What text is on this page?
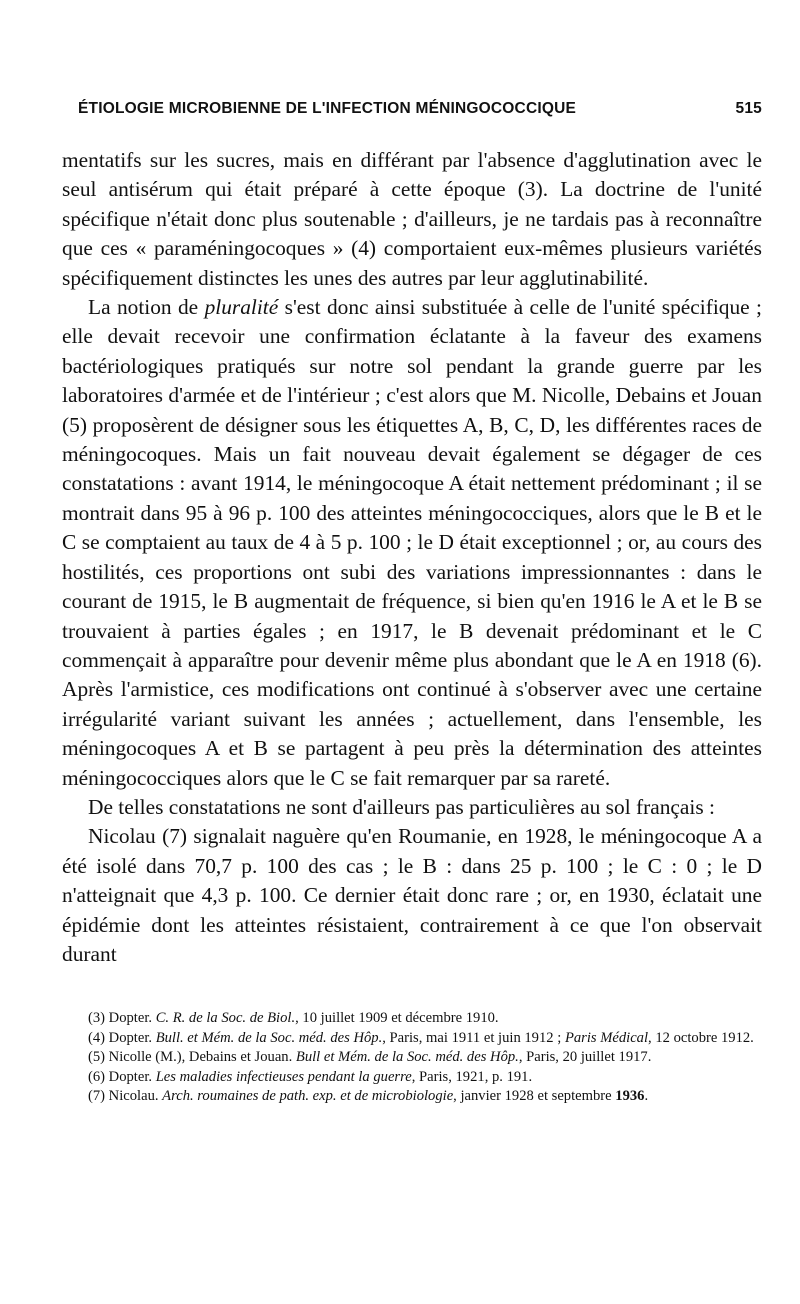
ÉTIOLOGIE MICROBIENNE DE L'INFECTION MÉNINGOCOCCIQUE	515

mentatifs sur les sucres, mais en différant par l'absence d'agglutination avec le seul antisérum qui était préparé à cette époque (3). La doctrine de l'unité spécifique n'était donc plus soutenable ; d'ailleurs, je ne tardais pas à reconnaître que ces « paraméningocoques » (4) comportaient eux-mêmes plusieurs variétés spécifiquement distinctes les unes des autres par leur agglutinabilité.

La notion de pluralité s'est donc ainsi substituée à celle de l'unité spécifique ; elle devait recevoir une confirmation éclatante à la faveur des examens bactériologiques pratiqués sur notre sol pendant la grande guerre par les laboratoires d'armée et de l'intérieur ; c'est alors que M. Nicolle, Debains et Jouan (5) proposèrent de désigner sous les étiquettes A, B, C, D, les différentes races de méningocoques. Mais un fait nouveau devait également se dégager de ces constatations : avant 1914, le méningocoque A était nettement prédominant ; il se montrait dans 95 à 96 p. 100 des atteintes méningococciques, alors que le B et le C se comptaient au taux de 4 à 5 p. 100 ; le D était exceptionnel ; or, au cours des hostilités, ces proportions ont subi des variations impressionnantes : dans le courant de 1915, le B augmentait de fréquence, si bien qu'en 1916 le A et le B se trouvaient à parties égales ; en 1917, le B devenait prédominant et le C commençait à apparaître pour devenir même plus abondant que le A en 1918 (6). Après l'armistice, ces modifications ont continué à s'observer avec une certaine irrégularité variant suivant les années ; actuellement, dans l'ensemble, les méningocoques A et B se partagent à peu près la détermination des atteintes méningococciques alors que le C se fait remarquer par sa rareté.

De telles constatations ne sont d'ailleurs pas particulières au sol français :

Nicolau (7) signalait naguère qu'en Roumanie, en 1928, le méningocoque A a été isolé dans 70,7 p. 100 des cas ; le B : dans 25 p. 100 ; le C : 0 ; le D n'atteignait que 4,3 p. 100. Ce dernier était donc rare ; or, en 1930, éclatait une épidémie dont les atteintes résistaient, contrairement à ce que l'on observait durant

(3) Dopter. C. R. de la Soc. de Biol., 10 juillet 1909 et décembre 1910.

(4) Dopter. Bull. et Mém. de la Soc. méd. des Hôp., Paris, mai 1911 et juin 1912 ; Paris Médical, 12 octobre 1912.

(5) Nicolle (M.), Debains et Jouan. Bull et Mém. de la Soc. méd. des Hôp., Paris, 20 juillet 1917.

(6) Dopter. Les maladies infectieuses pendant la guerre, Paris, 1921, p. 191.

(7) Nicolau. Arch. roumaines de path. exp. et de microbiologie, janvier 1928 et septembre 1936.
